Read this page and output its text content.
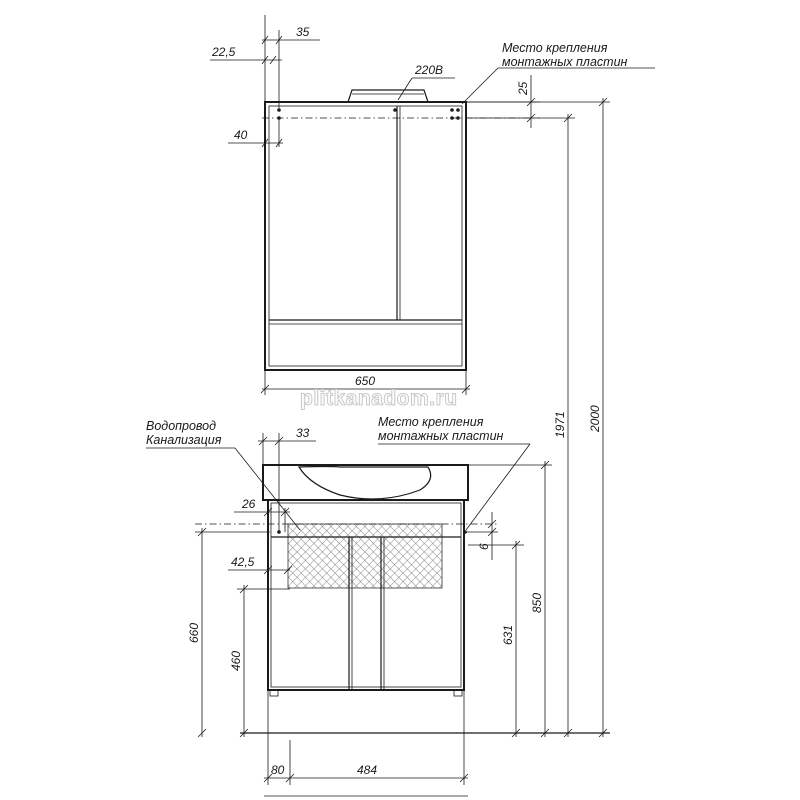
35
22,5
40
220В
Место крепления
монтажных пластин
25
650
Водопровод
Канализация
Место крепления
монтажных пластин
33
26
42,5
6
660
460
631
850
1971 2000
80	484
plitkanadom.ru
